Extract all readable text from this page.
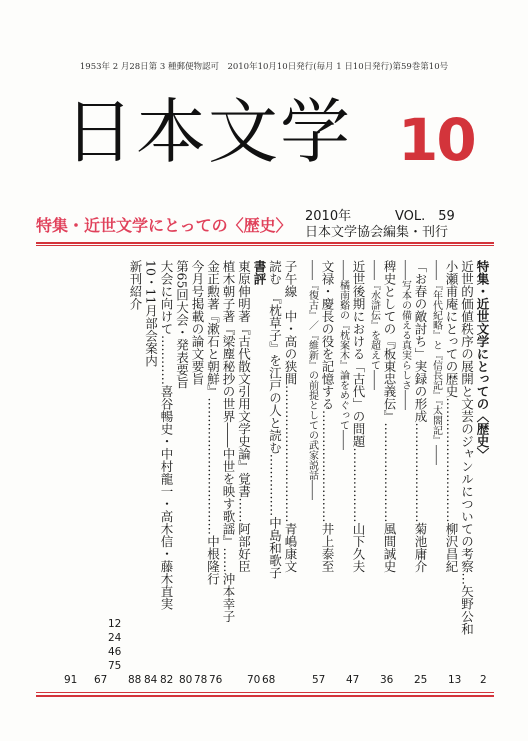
1953年 2 月28日第 3 種郵便物認可　2010年10月10日発行(毎月 1 日10日発行)第59巻第10号
日本文学 10
特集・近世文学にとっての〈歴史〉 2010年	VOL.　59
日本文学協会編集・刊行
特集・近世文学にとっての〈歴史〉
近世的価値秩序の展開と文芸のジャンルについての考察…矢野公和
小瀬甫庵にとっての歴史…………………………柳沢昌紀
――『年代紀略』と『信長記』『太閤記』――
「お春の敵討ち」実録の形成……………………菊池庸介
――写本の備える真実らしさ――
稗史としての『板東忠義伝』……………………風間誠史
――『水滸伝』を超えて――
近世後期における「古代」の問題………………山下久夫
――橘南谿の『枕案木』論をめぐって――
文禄・慶長の役を記憶する………………………井上泰至
――『復古』／『維新』の前提としての武家説話――
子午線　中・高の狭間……………………………青嶋康文
読む　『枕草子』を江戸の人と読む……………中島和歌子
書評
東原伸明著『古代散文引用文学史論』覚書……阿部好臣
植木朝子著『梁塵秘抄の世界――中世を映す歌謡』……沖本幸子
金正勲著『漱石と朝鮮』……………………………中根隆行
今月号掲載の論文要旨
第65回大会・発表要旨
大会に向けて…………喜谷暢史・中村龍一・高木信・藤木直実
10・11月部会案内
新刊紹介
2
13
25
36
47
57
68
70
76
78
80
82
84
88
67
91
12
24
46
75
